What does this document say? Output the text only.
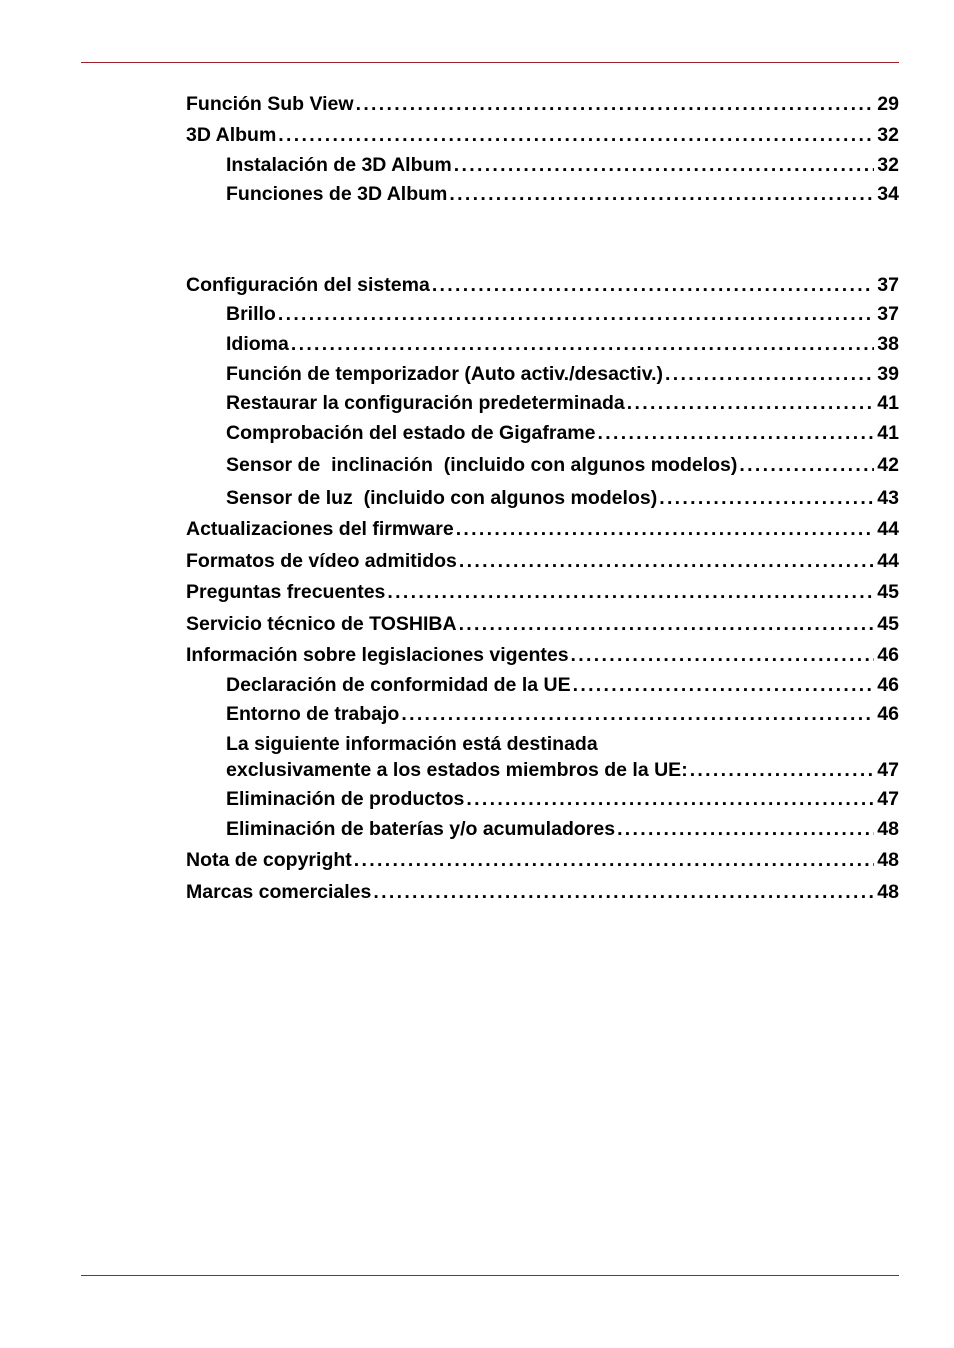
Función Sub View . . .	29
3D Album . . .	32
Instalación de 3D Album . . .	32
Funciones de 3D Album . . .	34
Configuración del sistema . . .	37
Brillo . . .	37
Idioma . . .	38
Función de temporizador (Auto activ./desactiv.) . . .	39
Restaurar la configuración predeterminada . . .	41
Comprobación del estado de Gigaframe . . .	41
Sensor de  inclinación  (incluido con algunos modelos) . . .	42
Sensor de luz  (incluido con algunos modelos) . . .	43
Actualizaciones del firmware . . .	44
Formatos de vídeo admitidos . . .	44
Preguntas frecuentes . . .	45
Servicio técnico de TOSHIBA . . .	45
Información sobre legislaciones vigentes . . .	46
Declaración de conformidad de la UE . . .	46
Entorno de trabajo . . .	46
La siguiente información está destinada
exclusivamente a los estados miembros de la UE: . . .	47
Eliminación de productos . . .	47
Eliminación de baterías y/o acumuladores . . .	48
Nota de copyright . . .	48
Marcas comerciales . . .	48
